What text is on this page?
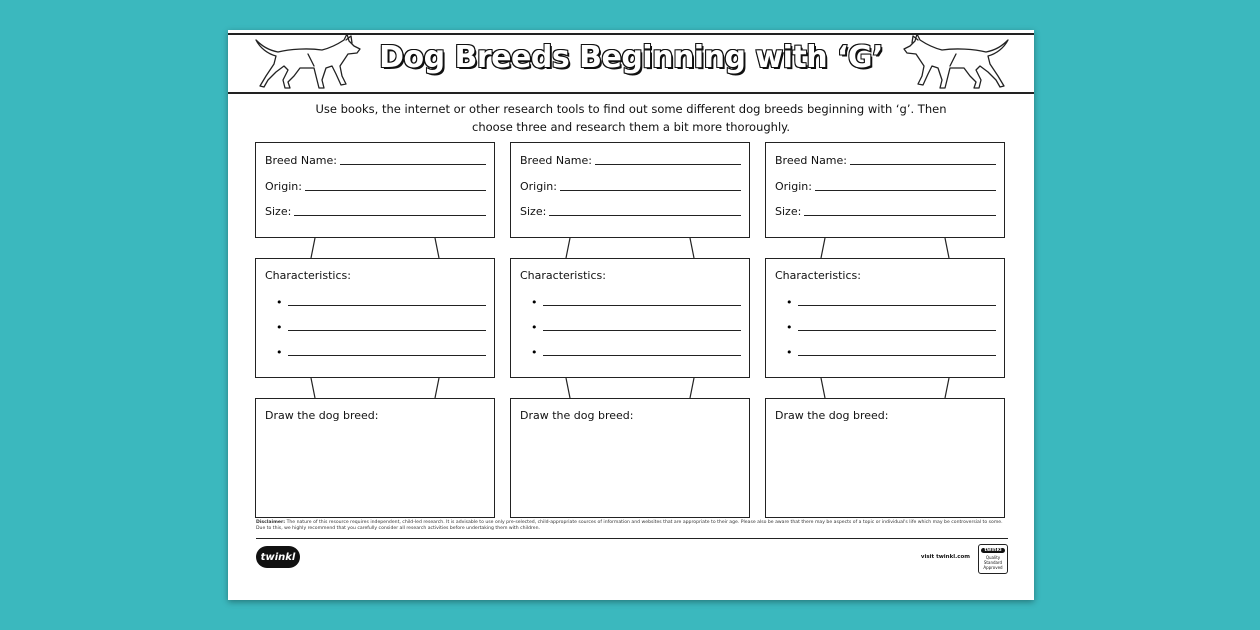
Dog Breeds Beginning with ‘G’
Use books, the internet or other research tools to find out some different dog breeds beginning with ‘g’. Then
choose three and research them a bit more thoroughly.
Breed Name:
Origin:
Size:
Characteristics:
•
•
•
Draw the dog breed:
Breed Name:
Origin:
Size:
Characteristics:
•
•
•
Draw the dog breed:
Breed Name:
Origin:
Size:
Characteristics:
•
•
•
Draw the dog breed:
Disclaimer: The nature of this resource requires independent, child-led research. It is advisable to use only pre-selected, child-appropriate sources of information and websites that are appropriate to their age. Please also be aware that there may be aspects of a topic or individual's life which may be controversial to some. Due to this, we highly recommend that you carefully consider all research activities before undertaking them with children.
twinkl	visit twinkl.com
twinkl
Quality Standard Approved
